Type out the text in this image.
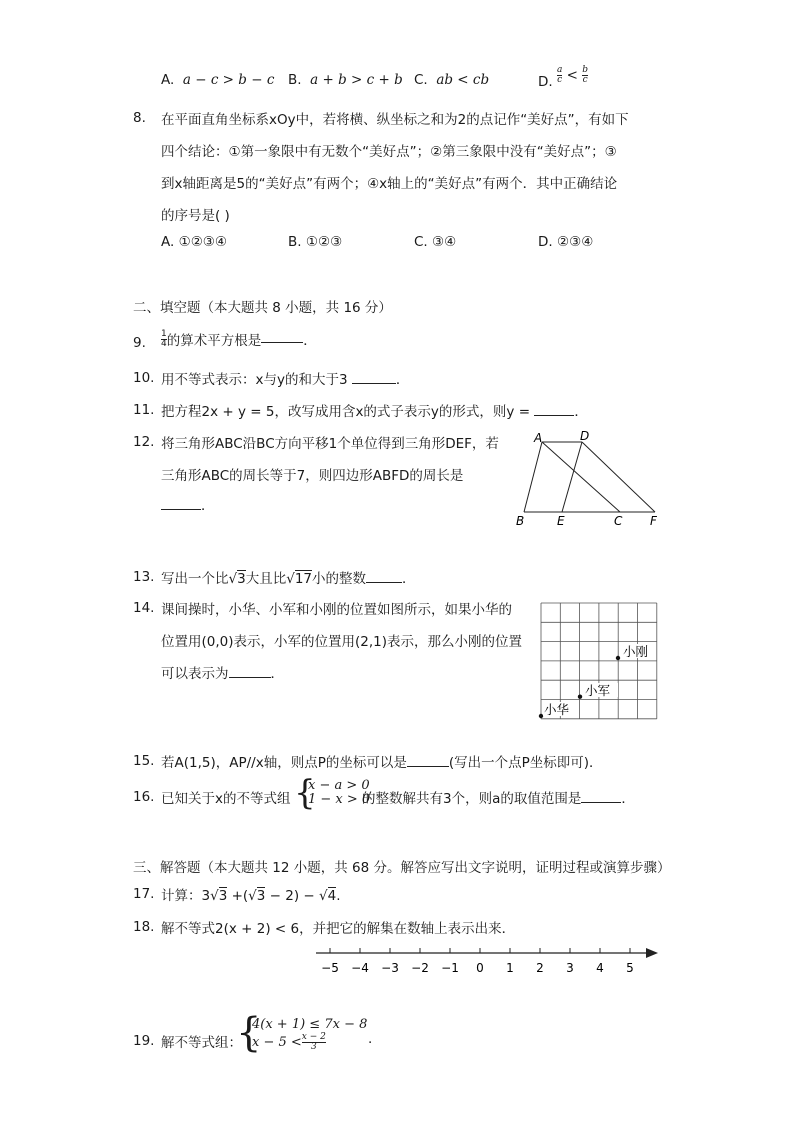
A. a − c > b − c B. a + b > c + b C. ab < cb	D. $\frac{a}{c} < \frac{b}{c}$
8. 在平面直角坐标系xOy中，若将横、纵坐标之和为2的点记作“美好点”，有如下
四个结论：①第一象限中有无数个“美好点”；②第三象限中没有“美好点”；③
到x轴距离是5的“美好点”有两个；④x轴上的“美好点”有两个．其中正确结论
的序号是( )
A. ①②③④	B. ①②③	C. ③④	D. ②③④
二、填空题（本大题共 8 小题，共 16 分）
9. $\frac{1}{4}$ 的算术平方根是	．
10. 用不等式表示：x与y的和大于3	．
11. 把方程2x + y = 5，改写成用含x的式子表示y的形式，则y =	．
12. 将三角形ABC沿BC方向平移1个单位得到三角形DEF，若
三角形ABC的周长等于7，则四边形ABFD的周长是
．
A	D
B	E	C F
13. 写出一个比√3大且比√17小的整数	．
14. 课间操时，小华、小军和小刚的位置如图所示，如果小华的
位置用(0,0)表示，小军的位置用(2,1)表示，那么小刚的位置
可以表示为	．
小华
小军
小刚
15. 若A(1,5)，AP//x轴，则点P的坐标可以是	(写出一个点P坐标即可)．
16. 已知关于x的不等式组 {
x − a > 0
1 − x > 0
的整数解共有3个，则a的取值范围是	．
三、解答题（本大题共 12 小题，共 68 分。解答应写出文字说明，证明过程或演算步骤）
17. 计算：3√3 +(√3 − 2) − √4.
18. 解不等式2(x + 2) < 6，并把它的解集在数轴上表示出来．
−5 −4 −3 −2 −1 0 1 2 3 4 5
19. 解不等式组：
{
4(x + 1) ≤ 7x − 8
$x - 5 < \frac{x - 2}{3}$	.
